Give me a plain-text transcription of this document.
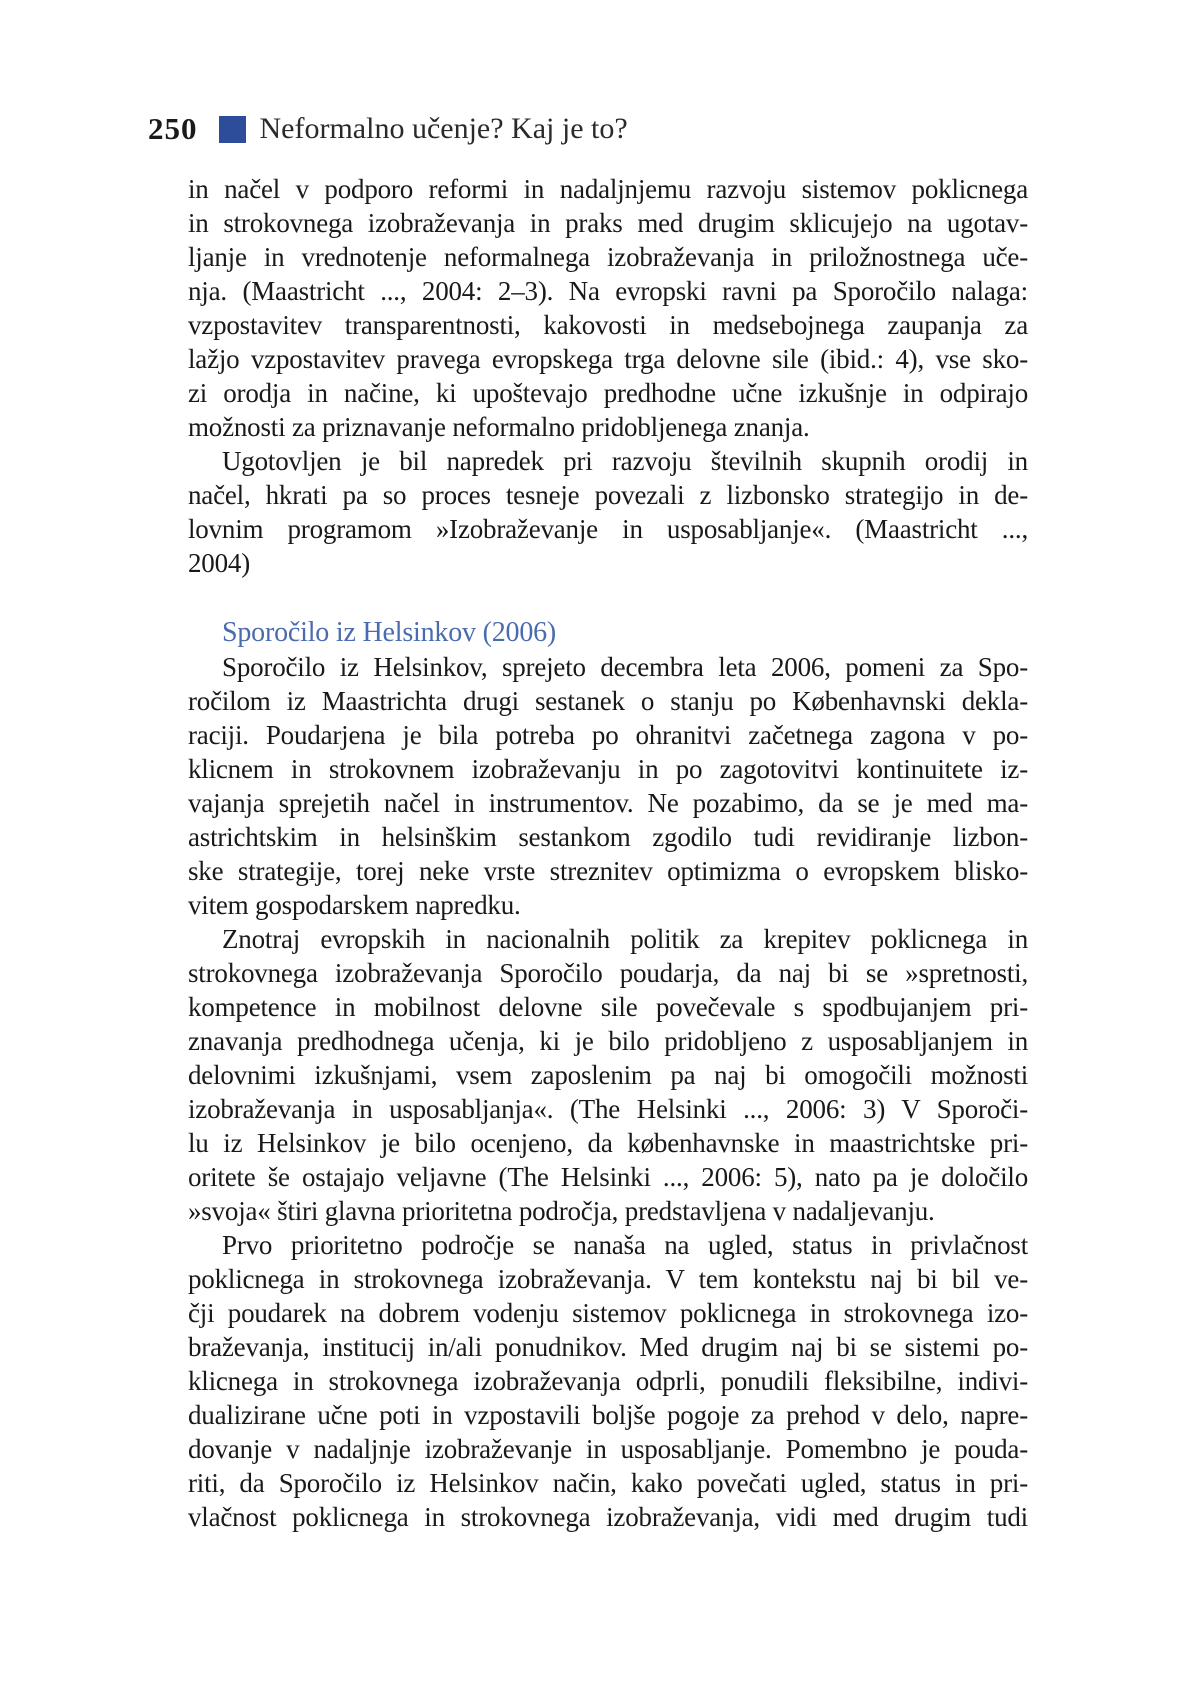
250 Neformalno učenje? Kaj je to?
in načel v podporo reformi in nadaljnjemu razvoju sistemov poklicnega
in strokovnega izobraževanja in praks med drugim sklicujejo na ugotav-
ljanje in vrednotenje neformalnega izobraževanja in priložnostnega uče-
nja. (Maastricht ..., 2004: 2–3). Na evropski ravni pa Sporočilo nalaga:
vzpostavitev transparentnosti, kakovosti in medsebojnega zaupanja za
lažjo vzpostavitev pravega evropskega trga delovne sile (ibid.: 4), vse sko-
zi orodja in načine, ki upoštevajo predhodne učne izkušnje in odpirajo
možnosti za priznavanje neformalno pridobljenega znanja.
Ugotovljen je bil napredek pri razvoju številnih skupnih orodij in
načel, hkrati pa so proces tesneje povezali z lizbonsko strategijo in de-
lovnim programom »Izobraževanje in usposabljanje«. (Maastricht ...,
2004)
Sporočilo iz Helsinkov (2006)
Sporočilo iz Helsinkov, sprejeto decembra leta 2006, pomeni za Spo-
ročilom iz Maastrichta drugi sestanek o stanju po Københavnski dekla-
raciji. Poudarjena je bila potreba po ohranitvi začetnega zagona v po-
klicnem in strokovnem izobraževanju in po zagotovitvi kontinuitete iz-
vajanja sprejetih načel in instrumentov. Ne pozabimo, da se je med ma-
astrichtskim in helsinškim sestankom zgodilo tudi revidiranje lizbon-
ske strategije, torej neke vrste streznitev optimizma o evropskem blisko-
vitem gospodarskem napredku.
Znotraj evropskih in nacionalnih politik za krepitev poklicnega in
strokovnega izobraževanja Sporočilo poudarja, da naj bi se »spretnosti,
kompetence in mobilnost delovne sile povečevale s spodbujanjem pri-
znavanja predhodnega učenja, ki je bilo pridobljeno z usposabljanjem in
delovnimi izkušnjami, vsem zaposlenim pa naj bi omogočili možnosti
izobraževanja in usposabljanja«. (The Helsinki ..., 2006: 3) V Sporoči-
lu iz Helsinkov je bilo ocenjeno, da københavnske in maastrichtske pri-
oritete še ostajajo veljavne (The Helsinki ..., 2006: 5), nato pa je določilo
»svoja« štiri glavna prioritetna področja, predstavljena v nadaljevanju.
Prvo prioritetno področje se nanaša na ugled, status in privlačnost
poklicnega in strokovnega izobraževanja. V tem kontekstu naj bi bil ve-
čji poudarek na dobrem vodenju sistemov poklicnega in strokovnega izo-
braževanja, institucij in/ali ponudnikov. Med drugim naj bi se sistemi po-
klicnega in strokovnega izobraževanja odprli, ponudili fleksibilne, indivi-
dualizirane učne poti in vzpostavili boljše pogoje za prehod v delo, napre-
dovanje v nadaljnje izobraževanje in usposabljanje. Pomembno je pouda-
riti, da Sporočilo iz Helsinkov način, kako povečati ugled, status in pri-
vlačnost poklicnega in strokovnega izobraževanja, vidi med drugim tudi
